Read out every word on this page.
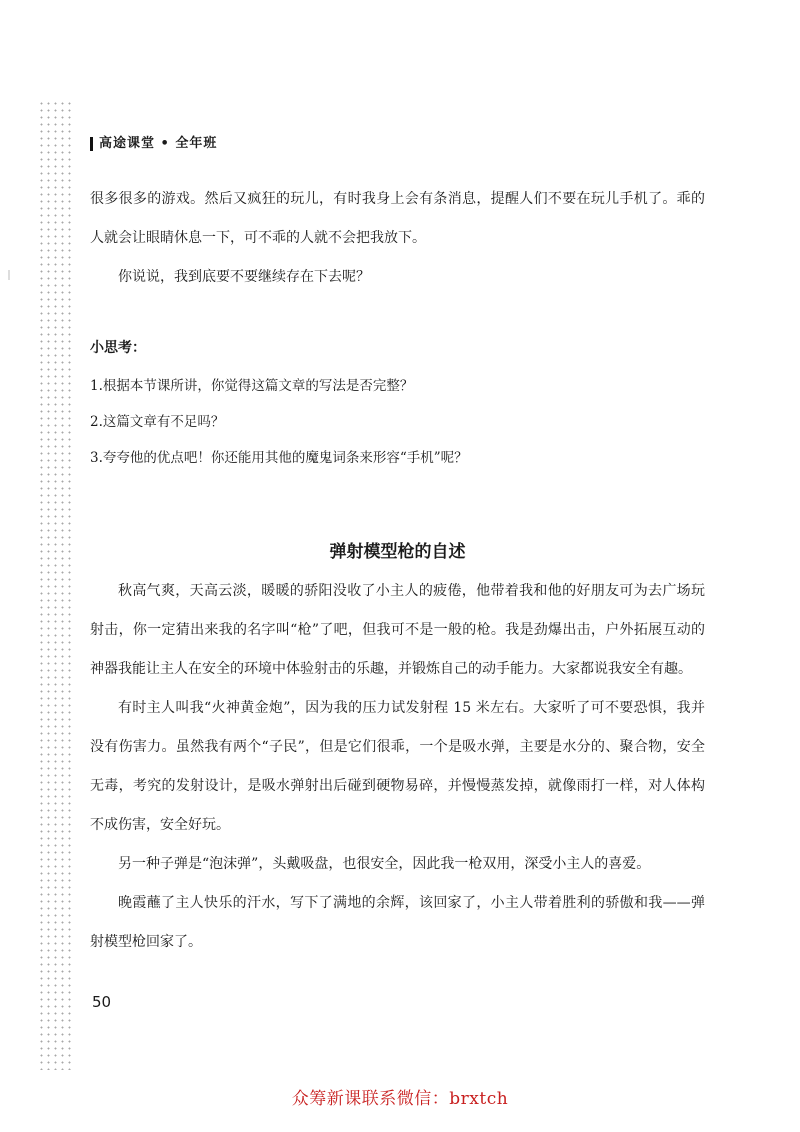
高途课堂 • 全年班

很多很多的游戏。然后又疯狂的玩儿，有时我身上会有条消息，提醒人们不要在玩儿手机了。乖的人就会让眼睛休息一下，可不乖的人就不会把我放下。

你说说，我到底要不要继续存在下去呢？

小思考：

1.根据本节课所讲，你觉得这篇文章的写法是否完整？

2.这篇文章有不足吗？

3.夸夸他的优点吧！你还能用其他的魔鬼词条来形容“手机”呢？

弹射模型枪的自述

秋高气爽，天高云淡，暖暖的骄阳没收了小主人的疲倦，他带着我和他的好朋友可为去广场玩射击，你一定猜出来我的名字叫“枪”了吧，但我可不是一般的枪。我是劲爆出击，户外拓展互动的神器我能让主人在安全的环境中体验射击的乐趣，并锻炼自己的动手能力。大家都说我安全有趣。

有时主人叫我“火神黄金炮”，因为我的压力试发射程 15 米左右。大家听了可不要恐惧，我并没有伤害力。虽然我有两个“子民”，但是它们很乖，一个是吸水弹，主要是水分的、聚合物，安全无毒，考究的发射设计，是吸水弹射出后碰到硬物易碎，并慢慢蒸发掉，就像雨打一样，对人体构不成伤害，安全好玩。

另一种子弹是“泡沫弹”，头戴吸盘，也很安全，因此我一枪双用，深受小主人的喜爱。

晚霞蘸了主人快乐的汗水，写下了满地的余辉，该回家了，小主人带着胜利的骄傲和我——弹射模型枪回家了。

50
众筹新课联系微信：brxtch
